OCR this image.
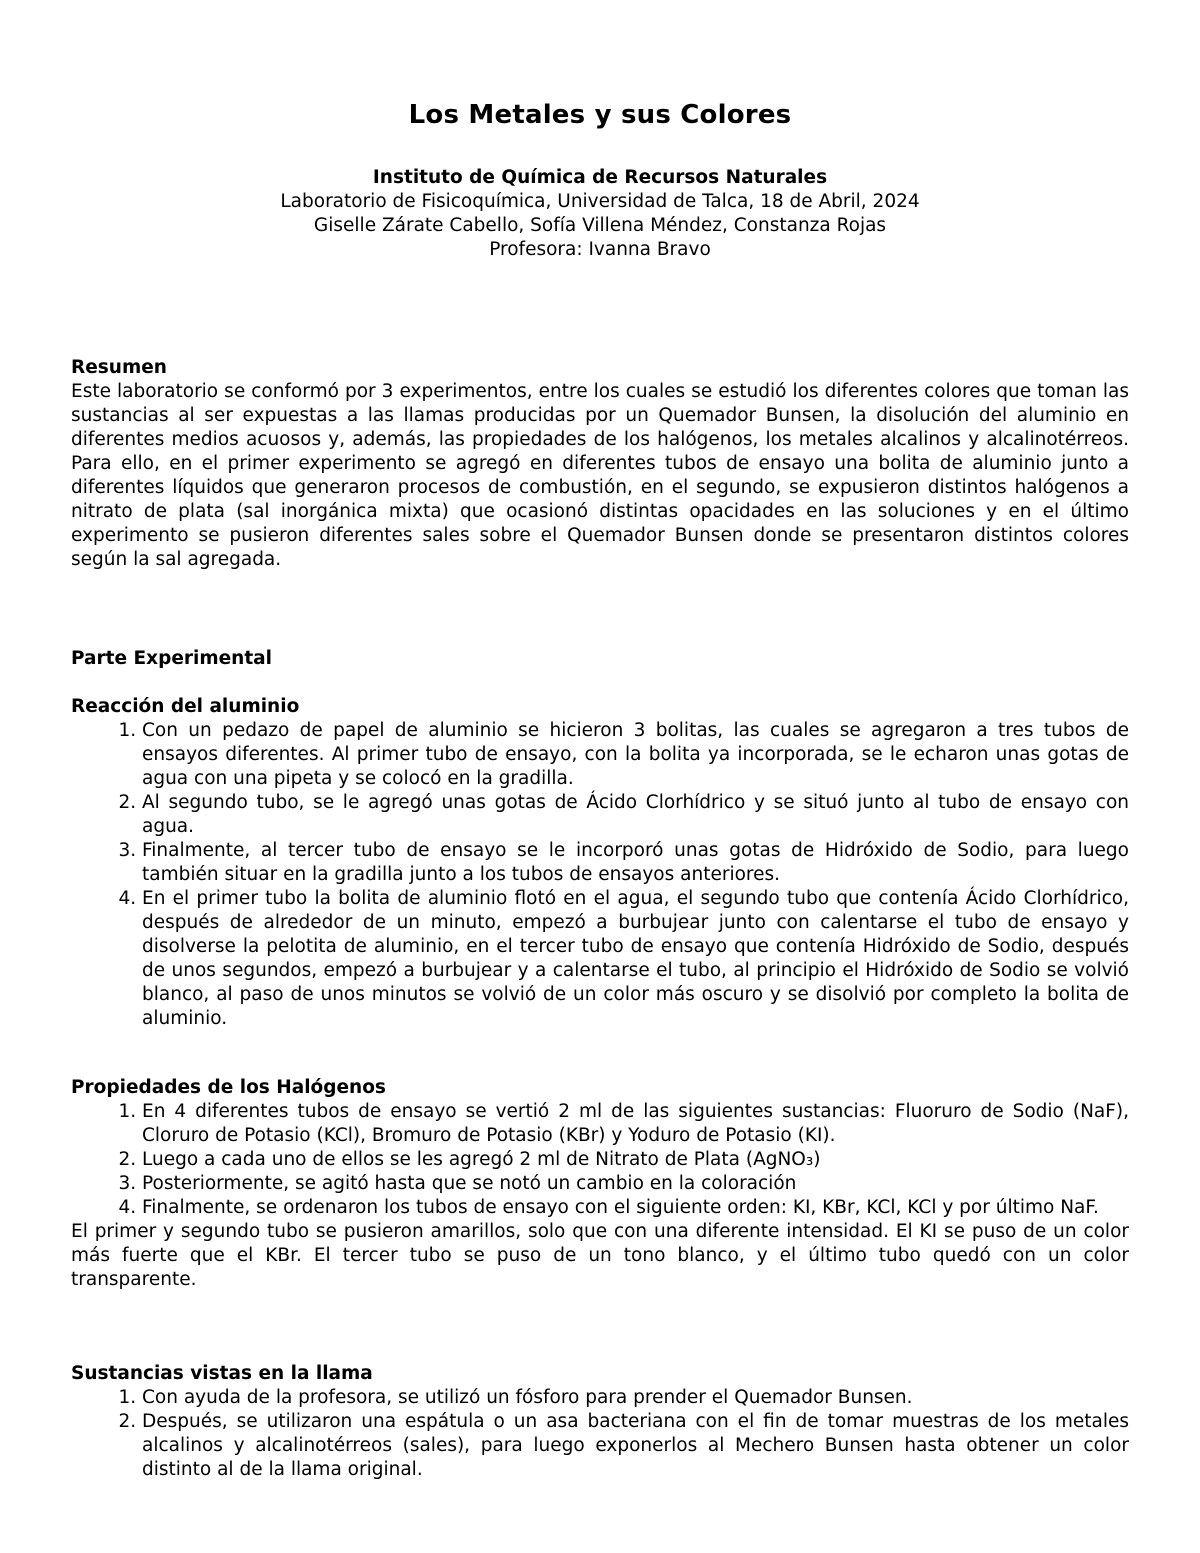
Los Metales y sus Colores
Instituto de Química de Recursos Naturales
Laboratorio de Fisicoquímica, Universidad de Talca, 18 de Abril, 2024
Giselle Zárate Cabello, Sofía Villena Méndez, Constanza Rojas
Profesora: Ivanna Bravo
Resumen

Este laboratorio se conformó por 3 experimentos, entre los cuales se estudió los diferentes colores que toman las sustancias al ser expuestas a las llamas producidas por un Quemador Bunsen, la disolución del aluminio en diferentes medios acuosos y, además, las propiedades de los halógenos, los metales alcalinos y alcalinotérreos. Para ello, en el primer experimento se agregó en diferentes tubos de ensayo una bolita de aluminio junto a diferentes líquidos que generaron procesos de combustión, en el segundo, se expusieron distintos halógenos a nitrato de plata (sal inorgánica mixta) que ocasionó distintas opacidades en las soluciones y en el último experimento se pusieron diferentes sales sobre el Quemador Bunsen donde se presentaron distintos colores según la sal agregada.

Parte Experimental
Reacción del aluminio
1. Con un pedazo de papel de aluminio se hicieron 3 bolitas, las cuales se agregaron a tres tubos de ensayos diferentes. Al primer tubo de ensayo, con la bolita ya incorporada, se le echaron unas gotas de agua con una pipeta y se colocó en la gradilla.
2. Al segundo tubo, se le agregó unas gotas de Ácido Clorhídrico y se situó junto al tubo de ensayo con agua.
3. Finalmente, al tercer tubo de ensayo se le incorporó unas gotas de Hidróxido de Sodio, para luego también situar en la gradilla junto a los tubos de ensayos anteriores.
4. En el primer tubo la bolita de aluminio flotó en el agua, el segundo tubo que contenía Ácido Clorhídrico, después de alrededor de un minuto, empezó a burbujear junto con calentarse el tubo de ensayo y disolverse la pelotita de aluminio, en el tercer tubo de ensayo que contenía Hidróxido de Sodio, después de unos segundos, empezó a burbujear y a calentarse el tubo, al principio el Hidróxido de Sodio se volvió blanco, al paso de unos minutos se volvió de un color más oscuro y se disolvió por completo la bolita de aluminio.
Propiedades de los Halógenos
1. En 4 diferentes tubos de ensayo se vertió 2 ml de las siguientes sustancias: Fluoruro de Sodio (NaF), Cloruro de Potasio (KCl), Bromuro de Potasio (KBr) y Yoduro de Potasio (KI).
2. Luego a cada uno de ellos se les agregó 2 ml de Nitrato de Plata (AgNO₃)
3. Posteriormente, se agitó hasta que se notó un cambio en la coloración
4. Finalmente, se ordenaron los tubos de ensayo con el siguiente orden: KI, KBr, KCl, KCl y por último NaF.

El primer y segundo tubo se pusieron amarillos, solo que con una diferente intensidad. El KI se puso de un color más fuerte que el KBr. El tercer tubo se puso de un tono blanco, y el último tubo quedó con un color transparente.

Sustancias vistas en la llama
1. Con ayuda de la profesora, se utilizó un fósforo para prender el Quemador Bunsen.
2. Después, se utilizaron una espátula o un asa bacteriana con el fin de tomar muestras de los metales alcalinos y alcalinotérreos (sales), para luego exponerlos al Mechero Bunsen hasta obtener un color distinto al de la llama original.
